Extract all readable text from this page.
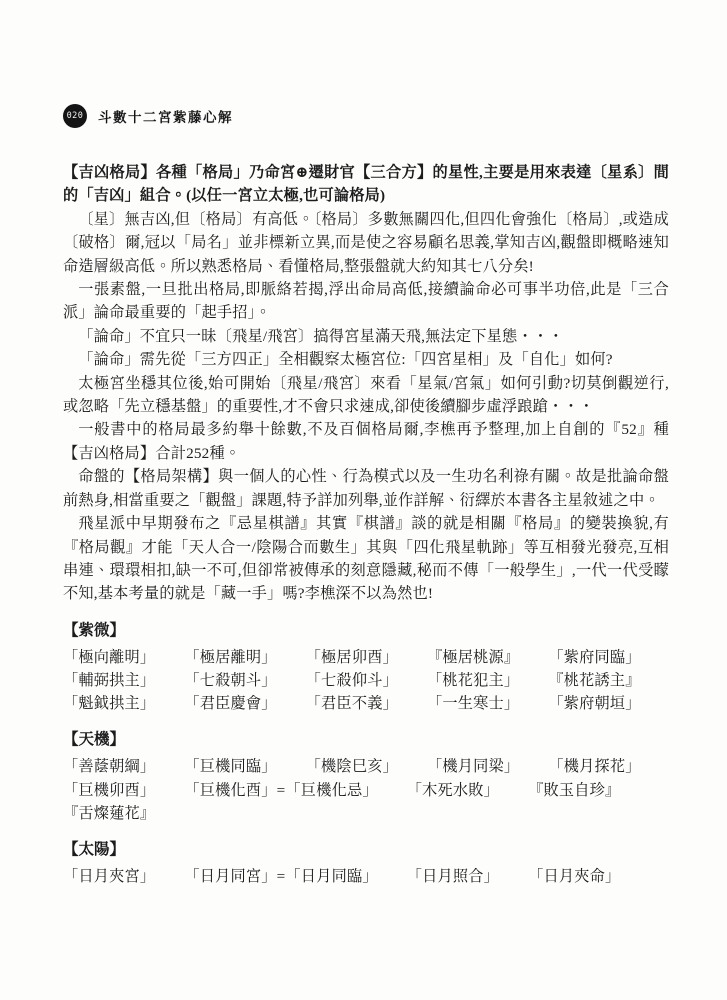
020 斗數十二宮紫藤心解

【吉凶格局】各種「格局」乃命宮⊕遷財官【三合方】的星性,主要是用來表達〔星系〕間的「吉凶」組合。(以任一宮立太極,也可論格局)

〔星〕無吉凶,但〔格局〕有高低。〔格局〕多數無關四化,但四化會強化〔格局〕,或造成〔破格〕爾,冠以「局名」並非標新立異,而是使之容易顧名思義,掌知吉凶,觀盤即概略速知命造層級高低。所以熟悉格局、看懂格局,整張盤就大約知其七八分矣!

一張素盤,一旦批出格局,即脈絡若揭,浮出命局高低,接續論命必可事半功倍,此是「三合派」論命最重要的「起手招」。

「論命」不宜只一昧〔飛星/飛宮〕搞得宮星滿天飛,無法定下星態・・・

「論命」需先從「三方四正」全相觀察太極宮位:「四宮星相」及「自化」如何?

太極宮坐穩其位後,始可開始〔飛星/飛宮〕來看「星氣/宮氣」如何引動?切莫倒觀逆行,或忽略「先立穩基盤」的重要性,才不會只求速成,卻使後續腳步虛浮踉蹌・・・

一般書中的格局最多約舉十餘數,不及百個格局爾,李樵再予整理,加上自創的『52』種【吉凶格局】合計252種。

命盤的【格局架構】與一個人的心性、行為模式以及一生功名利祿有關。故是批論命盤前熱身,相當重要之「觀盤」課題,特予詳加列舉,並作詳解、衍繹於本書各主星敘述之中。

飛星派中早期發布之『忌星棋譜』其實『棋譜』談的就是相關『格局』的變裝換貌,有『格局觀』才能「天人合一/陰陽合而數生」其與「四化飛星軌跡」等互相發光發亮,互相串連、環環相扣,缺一不可,但卻常被傳承的刻意隱藏,秘而不傳「一般學生」,一代一代受矇不知,基本考量的就是「藏一手」嗎?李樵深不以為然也!

【紫微】
「極向離明」 「極居離明」 「極居卯酉」 『極居桃源』 「紫府同臨」
「輔弼拱主」 「七殺朝斗」 「七殺仰斗」 「桃花犯主」 『桃花誘主』
「魁鉞拱主」 「君臣慶會」 「君臣不義」 「一生寒士」 「紫府朝垣」
【天機】
「善蔭朝綱」 「巨機同臨」 「機陰巳亥」 「機月同梁」 「機月探花」
「巨機卯酉」 「巨機化酉」=「巨機化忌」 「木死水敗」 『敗玉自珍』
『舌燦蓮花』
【太陽】
「日月夾宮」 「日月同宮」=「日月同臨」 「日月照合」 「日月夾命」
